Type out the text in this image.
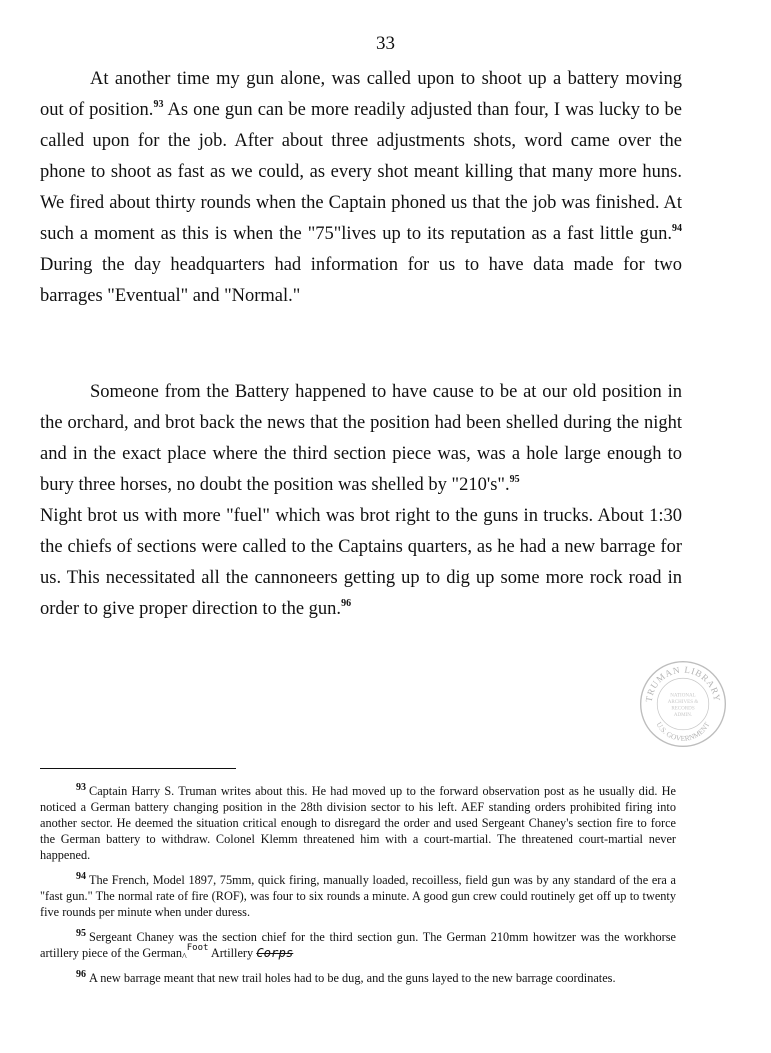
33

At another time my gun alone, was called upon to shoot up a battery moving out of position.$^{93}$ As one gun can be more readily adjusted than four, I was lucky to be called upon for the job. After about three adjustments shots, word came over the phone to shoot as fast as we could, as every shot meant killing that many more huns. We fired about thirty rounds when the Captain phoned us that the job was finished. At such a moment as this is when the "75"lives up to its reputation as a fast little gun.$^{94}$ During the day headquarters had information for us to have data made for two barrages "Eventual" and "Normal."

Someone from the Battery happened to have cause to be at our old position in the orchard, and brot back the news that the position had been shelled during the night and in the exact place where the third section piece was, was a hole large enough to bury three horses, no doubt the position was shelled by "210's".$^{95}$

Night brot us with more "fuel" which was brot right to the guns in trucks. About 1:30 the chiefs of sections were called to the Captains quarters, as he had a new barrage for us. This necessitated all the cannoneers getting up to dig up some more rock road in order to give proper direction to the gun.$^{96}$

TRUMAN LIBRARY
U.S. GOVERNMENT
NATIONAL
ARCHIVES &
RECORDS
ADMIN.

$^{93}$ Captain Harry S. Truman writes about this. He had moved up to the forward observation post as he usually did. He noticed a German battery changing position in the 28th division sector to his left. AEF standing orders prohibited firing into another sector. He deemed the situation critical enough to disregard the order and used Sergeant Chaney's section fire to force the German battery to withdraw. Colonel Klemm threatened him with a court-martial. The threatened court-martial never happened.

$^{94}$ The French, Model 1897, 75mm, quick firing, manually loaded, recoilless, field gun was by any standard of the era a "fast gun." The normal rate of fire (ROF), was four to six rounds a minute. A good gun crew could routinely get off up to twenty five rounds per minute when under duress.

$^{95}$ Sergeant Chaney was the section chief for the third section gun. The German 210mm howitzer was the workhorse artillery piece of the German$_{\^{}}^{Foot}$ Artillery Corps

$^{96}$ A new barrage meant that new trail holes had to be dug, and the guns layed to the new barrage coordinates.
